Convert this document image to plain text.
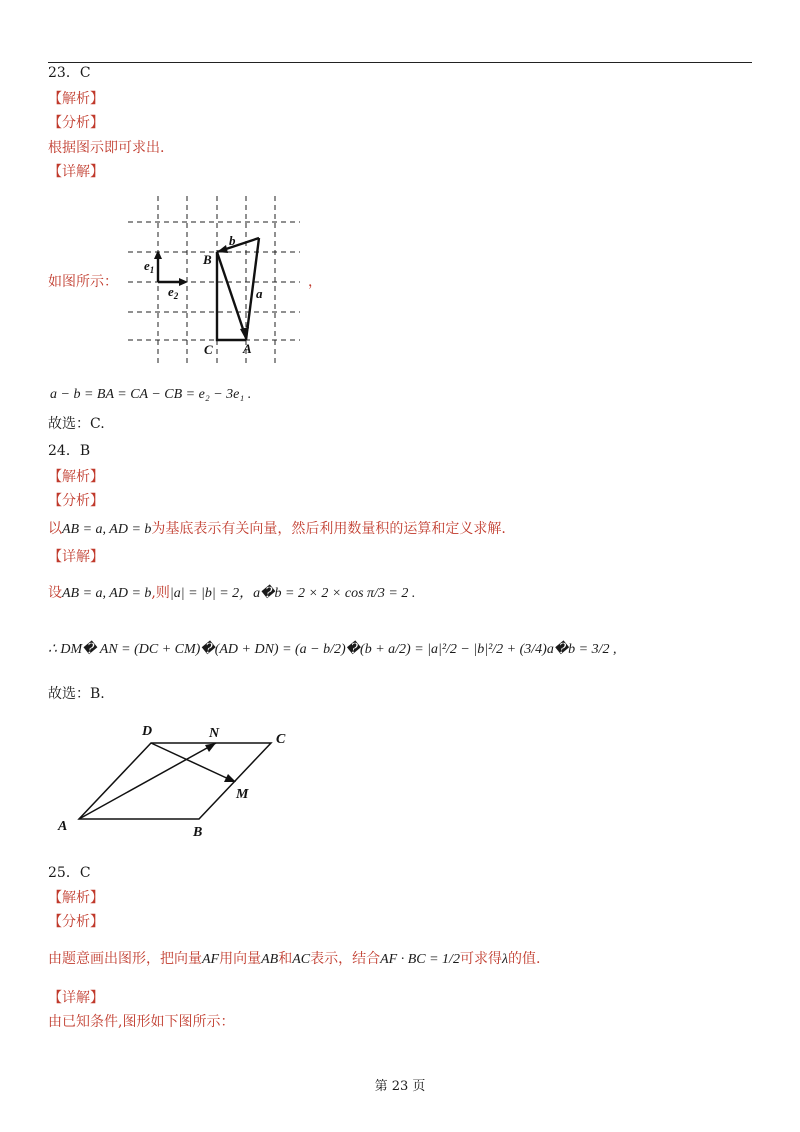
23．C
【解析】
【分析】
根据图示即可求出.
【详解】
如图所示：	，
b
B
$e_1$
$e_2$	a
C A
a − b = BA = CA − CB = e₂ − 3e₁ .
故选：C.
24．B
【解析】
【分析】
以AB = a, AD = b为基底表示有关向量，然后利用数量积的运算和定义求解.
【详解】
设AB = a, AD = b,则|a| = |b| = 2，a�b = 2 × 2 × cos π/3 = 2 .
∴ DM� AN = (DC + CM)�(AD + DN) = (a − b/2)�(b + a/2) = |a|²/2 − |b|²/2 + (3/4)a�b = 3/2 ,
故选：B.
D	N	C
M
A	B
25．C
【解析】
【分析】
由题意画出图形，把向量AF用向量AB和AC表示，结合AF · BC = 1/2可求得λ的值.
【详解】
由已知条件,图形如下图所示：
第 23 页
